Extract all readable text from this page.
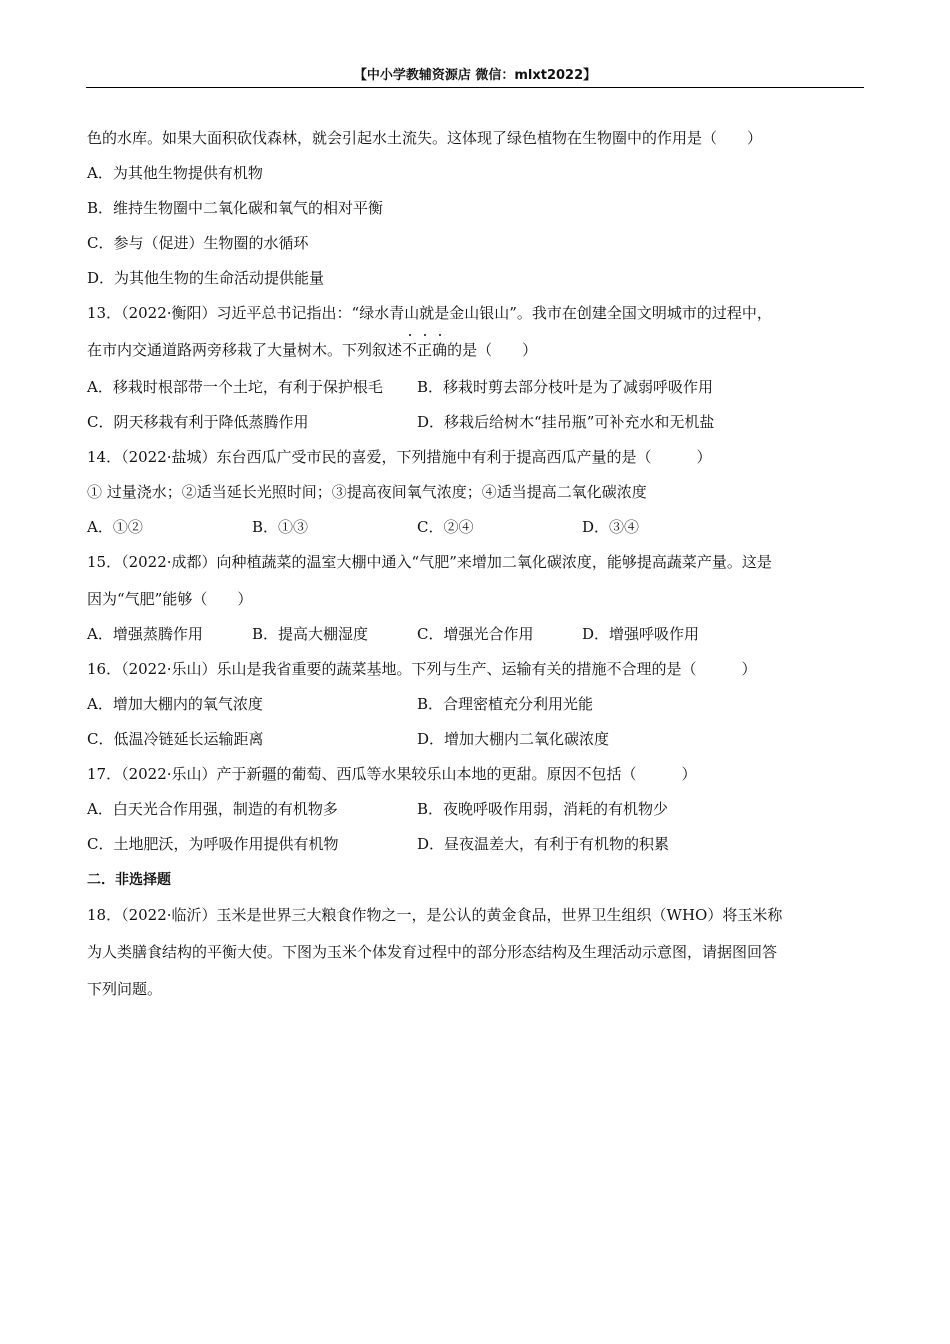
【中小学教辅资源店 微信：mlxt2022】
色的水库。如果大面积砍伐森林，就会引起水土流失。这体现了绿色植物在生物圈中的作用是（　　）
A．为其他生物提供有机物
B．维持生物圈中二氧化碳和氧气的相对平衡
C．参与（促进）生物圈的水循环
D．为其他生物的生命活动提供能量
13．（2022·衡阳）习近平总书记指出：“绿水青山就是金山银山”。我市在创建全国文明城市的过程中，
在市内交通道路两旁移栽了大量树木。下列叙述不正确的是（　　）
A．移栽时根部带一个土坨，有利于保护根毛 B．移栽时剪去部分枝叶是为了减弱呼吸作用
C．阴天移栽有利于降低蒸腾作用	D．移栽后给树木“挂吊瓶”可补充水和无机盐
14．（2022·盐城）东台西瓜广受市民的喜爱，下列措施中有利于提高西瓜产量的是（　　　）
① 过量浇水；②适当延长光照时间；③提高夜间氧气浓度；④适当提高二氧化碳浓度
A．①②	B．①③	C．②④	D．③④
15．（2022·成都）向种植蔬菜的温室大棚中通入“气肥”来增加二氧化碳浓度，能够提高蔬菜产量。这是
因为“气肥”能够（　　）
A．增强蒸腾作用	B．提高大棚湿度	C．增强光合作用	D．增强呼吸作用
16．（2022·乐山）乐山是我省重要的蔬菜基地。下列与生产、运输有关的措施不合理的是（　　　）
A．增加大棚内的氧气浓度	B．合理密植充分利用光能
C．低温冷链延长运输距离	D．增加大棚内二氧化碳浓度
17．（2022·乐山）产于新疆的葡萄、西瓜等水果较乐山本地的更甜。原因不包括（　　　）
A．白天光合作用强，制造的有机物多	B．夜晚呼吸作用弱，消耗的有机物少
C．土地肥沃，为呼吸作用提供有机物	D．昼夜温差大，有利于有机物的积累
二．非选择题
18．（2022·临沂）玉米是世界三大粮食作物之一，是公认的黄金食品，世界卫生组织（WHO）将玉米称
为人类膳食结构的平衡大使。下图为玉米个体发育过程中的部分形态结构及生理活动示意图，请据图回答
下列问题。
